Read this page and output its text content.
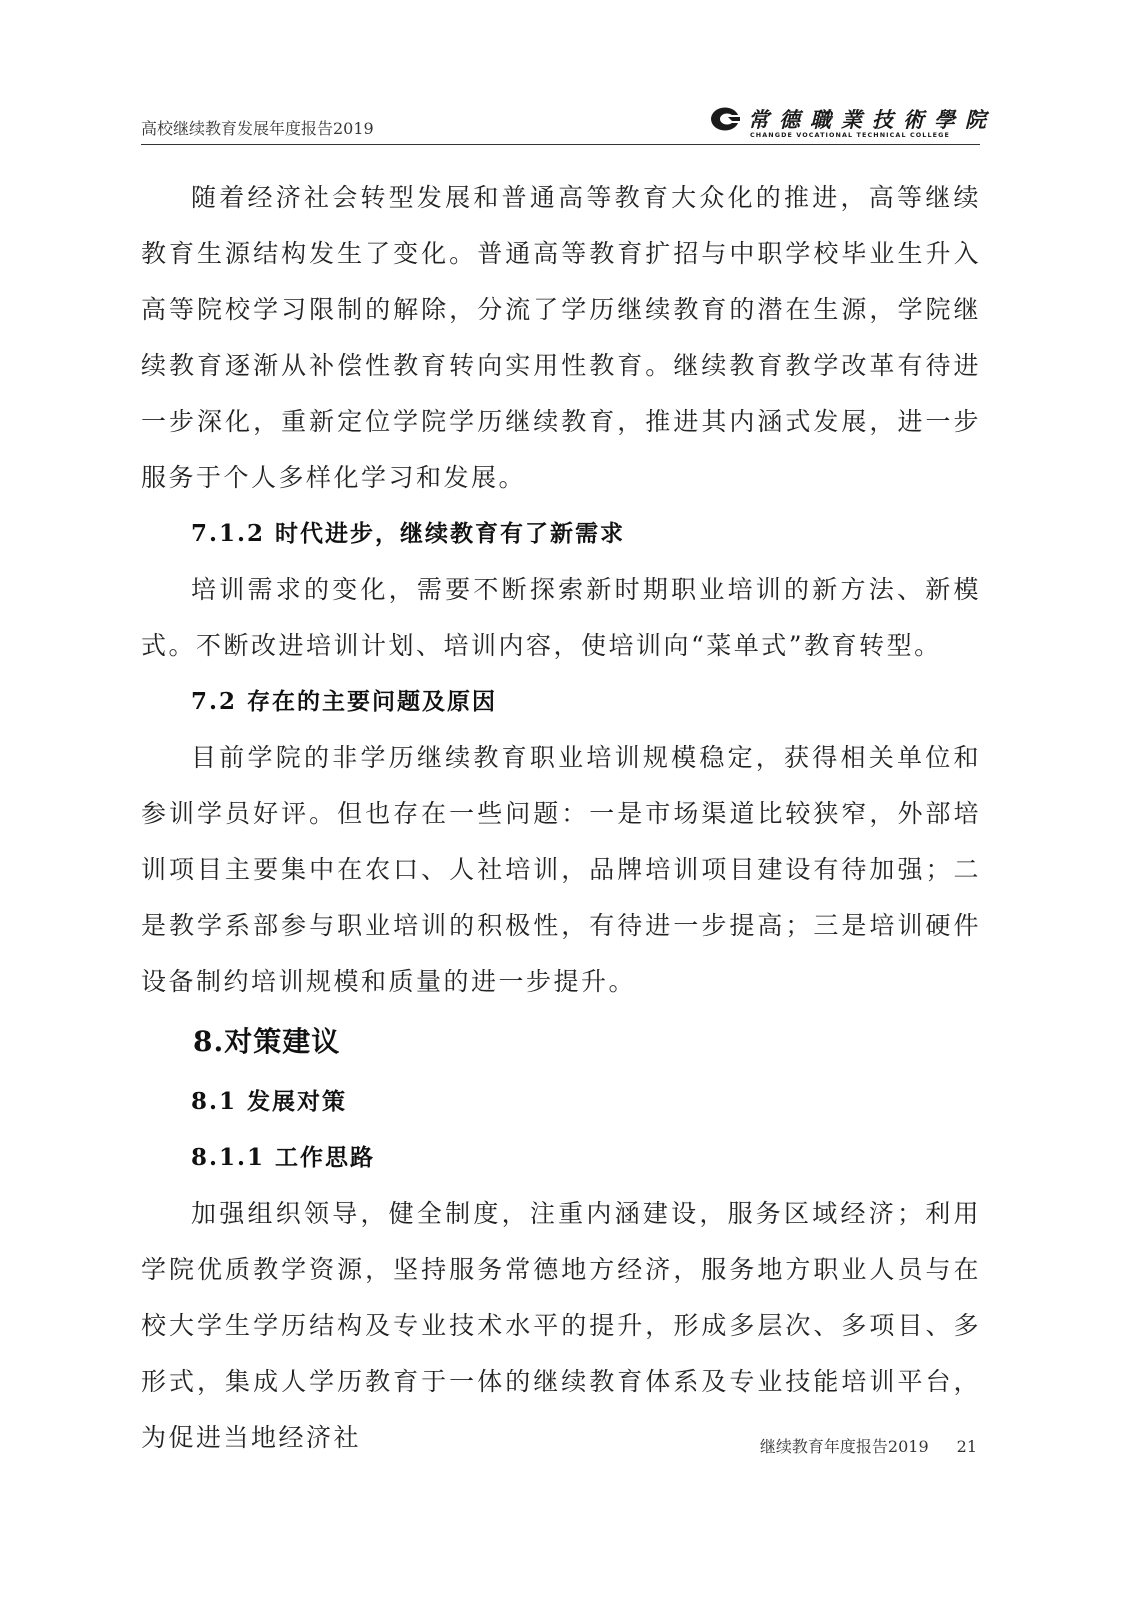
高校继续教育发展年度报告2019	常德職業技術學院
CHANGDE VOCATIONAL TECHNICAL COLLEGE

随着经济社会转型发展和普通高等教育大众化的推进，高等继续教育生源结构发生了变化。普通高等教育扩招与中职学校毕业生升入高等院校学习限制的解除，分流了学历继续教育的潜在生源，学院继续教育逐渐从补偿性教育转向实用性教育。继续教育教学改革有待进一步深化，重新定位学院学历继续教育，推进其内涵式发展，进一步服务于个人多样化学习和发展。

7.1.2 时代进步，继续教育有了新需求

培训需求的变化，需要不断探索新时期职业培训的新方法、新模式。不断改进培训计划、培训内容，使培训向“菜单式”教育转型。

7.2 存在的主要问题及原因

目前学院的非学历继续教育职业培训规模稳定，获得相关单位和参训学员好评。但也存在一些问题：一是市场渠道比较狭窄，外部培训项目主要集中在农口、人社培训，品牌培训项目建设有待加强；二是教学系部参与职业培训的积极性，有待进一步提高；三是培训硬件设备制约培训规模和质量的进一步提升。

8.对策建议

8.1 发展对策

8.1.1 工作思路

加强组织领导，健全制度，注重内涵建设，服务区域经济；利用学院优质教学资源，坚持服务常德地方经济，服务地方职业人员与在校大学生学历结构及专业技术水平的提升，形成多层次、多项目、多形式，集成人学历教育于一体的继续教育体系及专业技能培训平台，为促进当地经济社	继续教育年度报告2019 21
